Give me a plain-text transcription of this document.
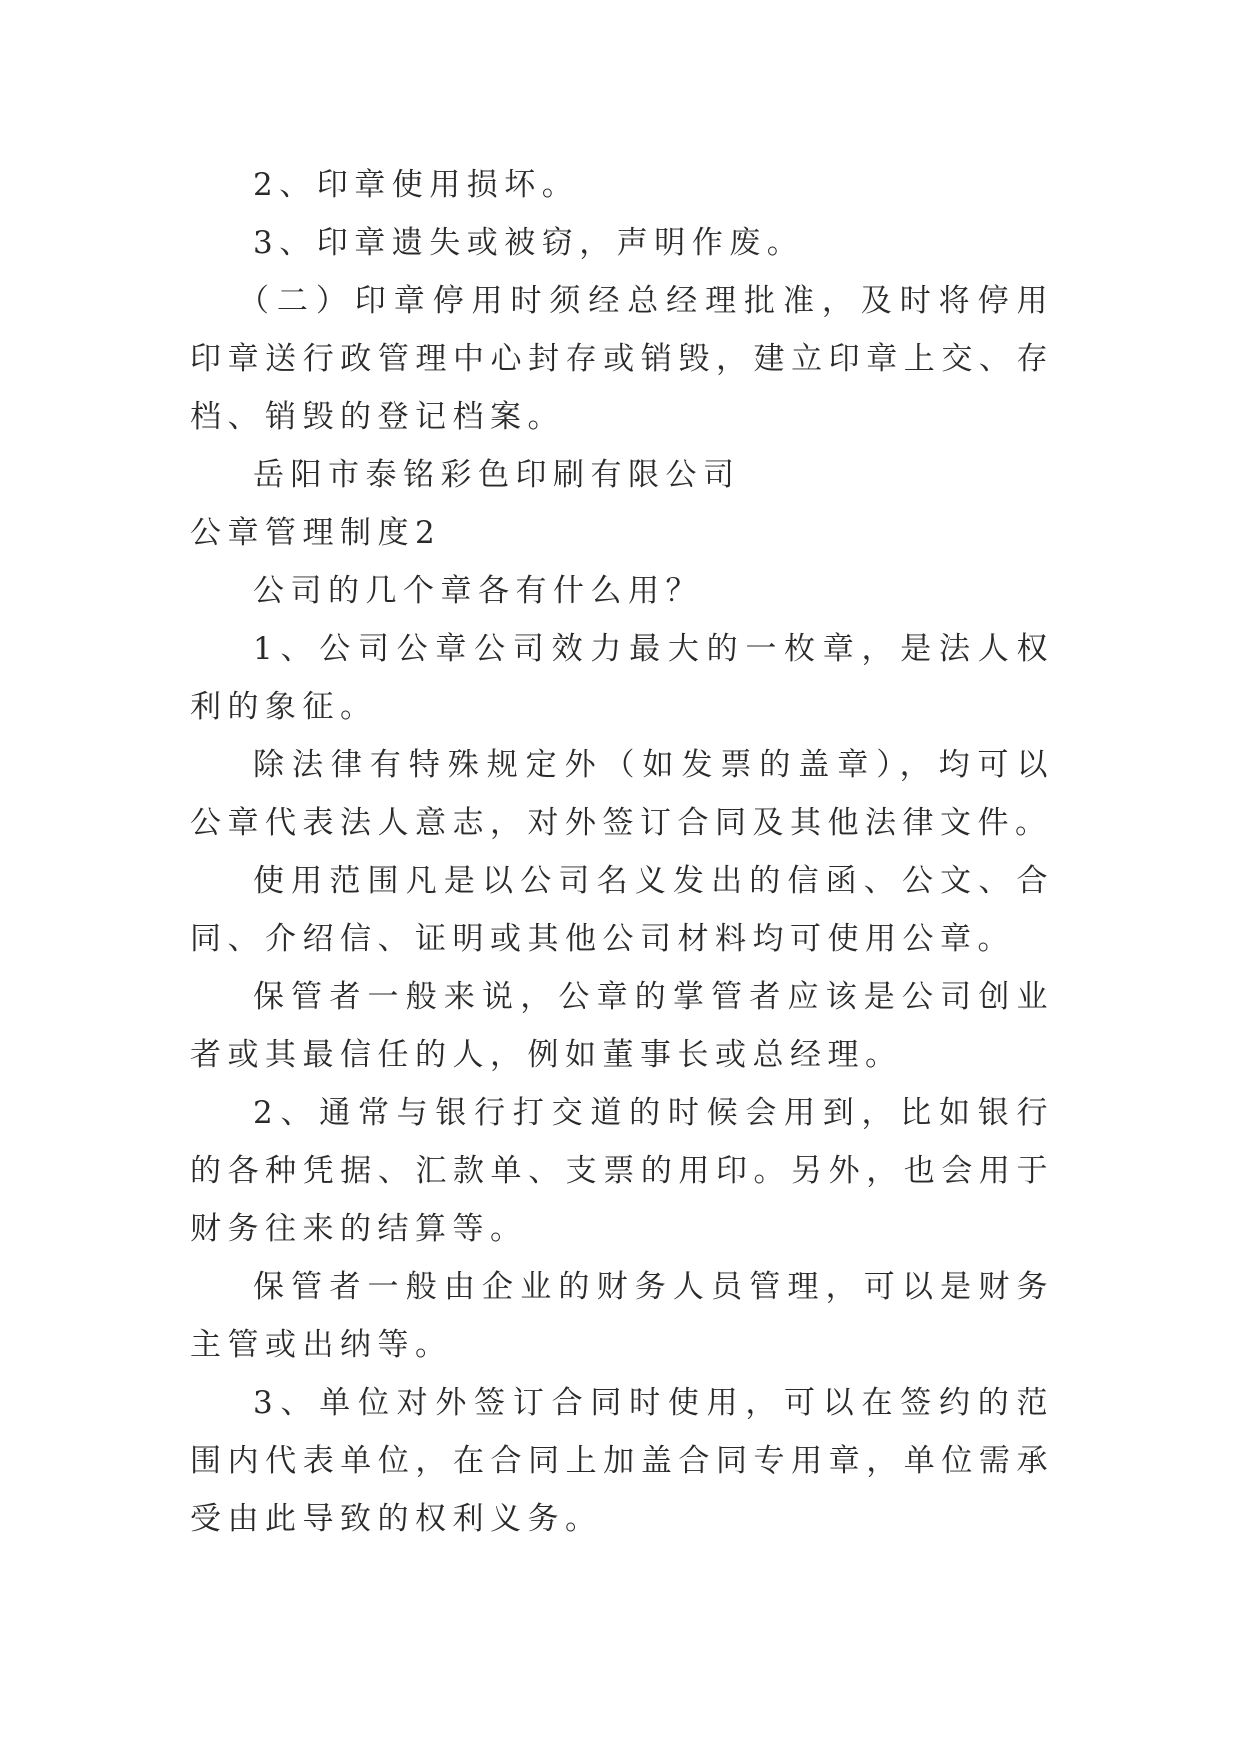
2、印章使用损坏。

3、印章遗失或被窃，声明作废。

（二）印章停用时须经总经理批准，及时将停用印章送行政管理中心封存或销毁，建立印章上交、存档、销毁的登记档案。

岳阳市泰铭彩色印刷有限公司

公章管理制度2

公司的几个章各有什么用？

1、公司公章公司效力最大的一枚章，是法人权利的象征。

除法律有特殊规定外（如发票的盖章），均可以公章代表法人意志，对外签订合同及其他法律文件。

使用范围凡是以公司名义发出的信函、公文、合同、介绍信、证明或其他公司材料均可使用公章。

保管者一般来说，公章的掌管者应该是公司创业者或其最信任的人，例如董事长或总经理。

2、通常与银行打交道的时候会用到，比如银行的各种凭据、汇款单、支票的用印。另外，也会用于财务往来的结算等。

保管者一般由企业的财务人员管理，可以是财务主管或出纳等。

3、单位对外签订合同时使用，可以在签约的范围内代表单位，在合同上加盖合同专用章，单位需承受由此导致的权利义务。
